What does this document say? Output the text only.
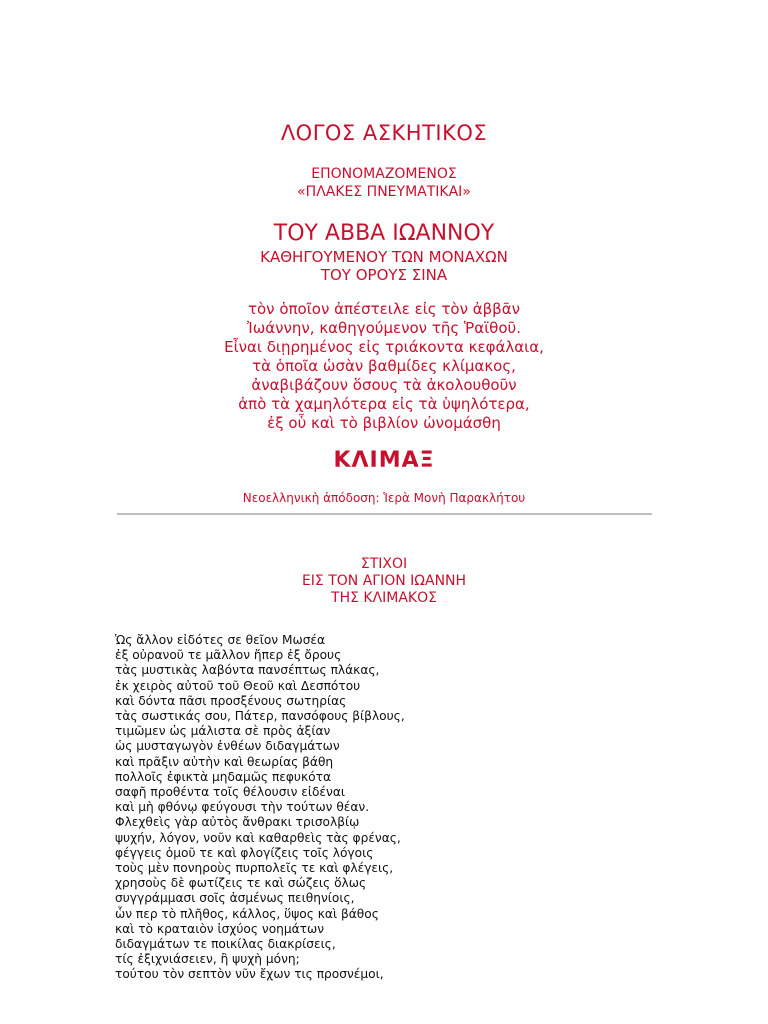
ΛΟΓΟΣ ΑΣΚΗΤΙΚΟΣ
ΕΠΟΝΟΜΑΖΟΜΕΝΟΣ
«ΠΛΑΚΕΣ ΠΝΕΥΜΑΤΙΚΑΙ»
ΤΟΥ ΑΒΒΑ ΙΩΑΝΝΟΥ
ΚΑΘΗΓΟΥΜΕΝΟΥ ΤΩΝ ΜΟΝΑΧΩΝ
ΤΟΥ ΟΡΟΥΣ ΣΙΝΑ
τὸν ὁποῖον ἀπέστειλε εἰς τὸν ἀββᾶν
Ἰωάννην, καθηγούμενον τῆς Ῥαϊθοῦ.
Εἶναι διῃρημένος εἰς τριάκοντα κεφάλαια,
τὰ ὁποῖα ὡσὰν βαθμίδες κλίμακος,
ἀναβιβάζουν ὅσους τὰ ἀκολουθοῦν
ἀπὸ τὰ χαμηλότερα εἰς τὰ ὑψηλότερα,
ἐξ οὗ καὶ τὸ βιβλίον ὠνομάσθη
ΚΛΙΜΑΞ
Νεοελληνικὴ ἀπόδοση: Ἱερὰ Μονὴ Παρακλήτου
ΣΤΙΧΟΙ
ΕΙΣ ΤΟΝ ΑΓΙΟΝ ΙΩΑΝΝΗ
ΤΗΣ ΚΛΙΜΑΚΟΣ
Ὡς ἄλλον εἰδότες σε θεῖον Μωσέα
ἐξ οὐρανοῦ τε μᾶλλον ἤπερ ἐξ ὄρους
τὰς μυστικὰς λαβόντα πανσέπτως πλάκας,
ἐκ χειρὸς αὐτοῦ τοῦ Θεοῦ καὶ Δεσπότου
καὶ δόντα πᾶσι προσξένους σωτηρίας
τὰς σωστικάς σου, Πάτερ, πανσόφους βίβλους,
τιμῶμεν ὡς μάλιστα σὲ πρὸς ἀξίαν
ὡς μυσταγωγὸν ἐνθέων διδαγμάτων
καὶ πρᾶξιν αὐτὴν καὶ θεωρίας βάθη
πολλοῖς ἐφικτὰ μηδαμῶς πεφυκότα
σαφῆ προθέντα τοῖς θέλουσιν εἰδέναι
καὶ μὴ φθόνῳ φεύγουσι τὴν τούτων θέαν.
Φλεχθεὶς γὰρ αὐτὸς ἄνθρακι τρισολβίῳ
ψυχήν, λόγον, νοῦν καὶ καθαρθεὶς τὰς φρένας,
φέγγεις ὁμοῦ τε καὶ φλογίζεις τοῖς λόγοις
τοὺς μὲν πονηροὺς πυρπολεῖς τε καὶ φλέγεις,
χρησοὺς δὲ φωτίζεις τε καὶ σώζεις ὅλως
συγγράμμασι σοῖς ἀσμένως πειθηνίοις,
ὧν περ τὸ πλῆθος, κάλλος, ὕψος καὶ βάθος
καὶ τὸ κραταιὸν ἰσχύος νοημάτων
διδαγμάτων τε ποικίλας διακρίσεις,
τίς ἐξιχνιάσειεν, ἢ ψυχὴ μόνη;
τούτου τὸν σεπτὸν νῦν ἔχων τις προσνέμοι,
